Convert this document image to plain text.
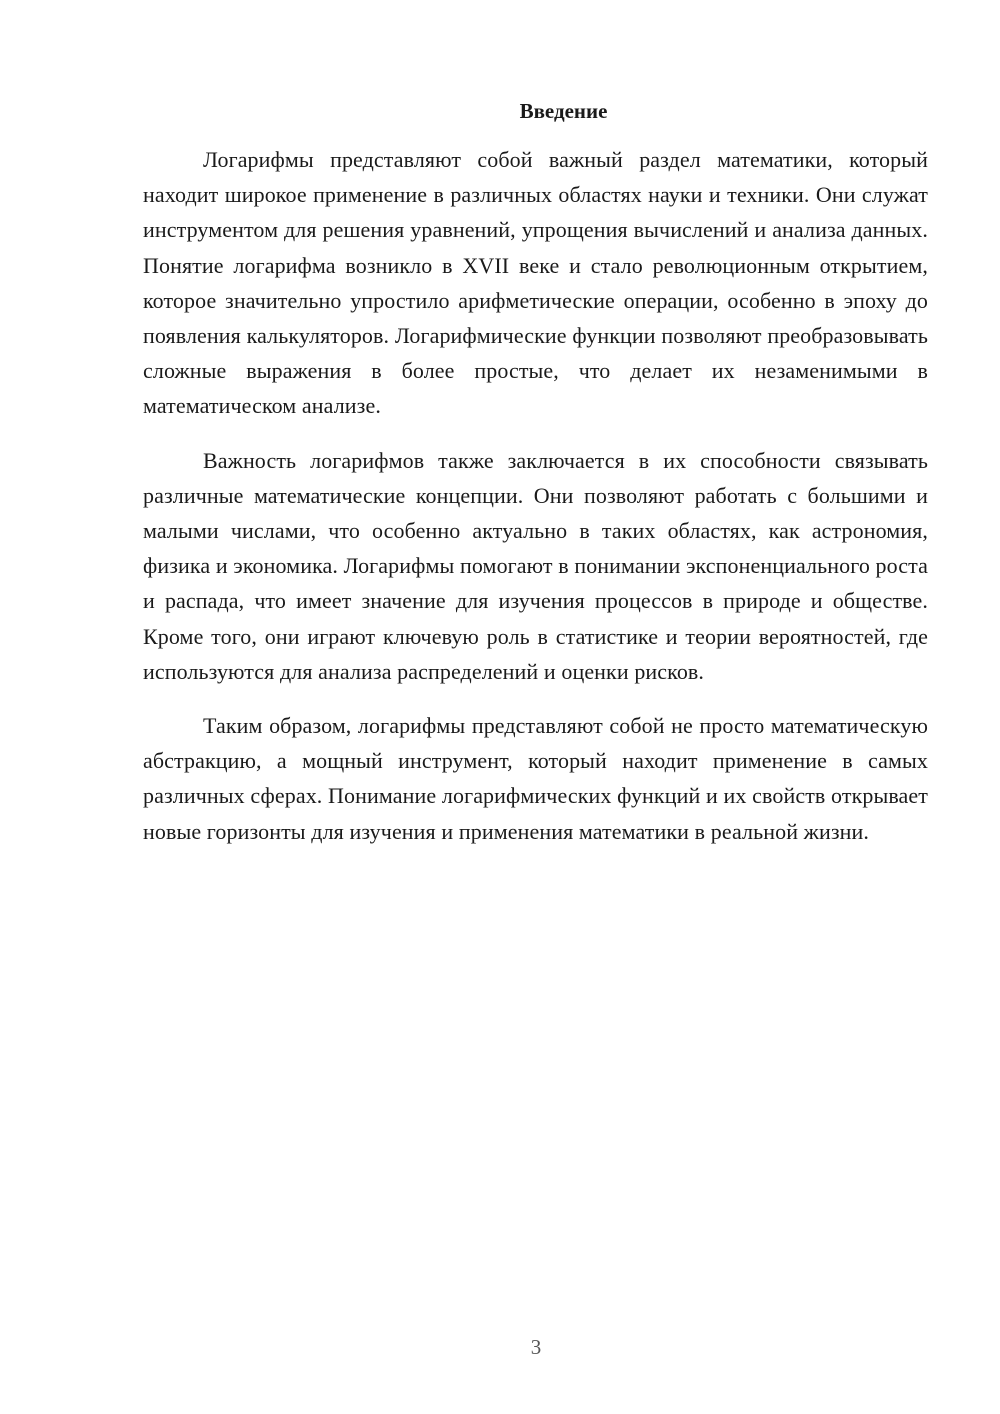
Введение

Логарифмы представляют собой важный раздел математики, который находит широкое применение в различных областях науки и техники. Они служат инструментом для решения уравнений, упрощения вычислений и анализа данных. Понятие логарифма возникло в XVII веке и стало революционным открытием, которое значительно упростило арифметические операции, особенно в эпоху до появления калькуляторов. Логарифмические функции позволяют преобразовывать сложные выражения в более простые, что делает их незаменимыми в математическом анализе.

Важность логарифмов также заключается в их способности связывать различные математические концепции. Они позволяют работать с большими и малыми числами, что особенно актуально в таких областях, как астрономия, физика и экономика. Логарифмы помогают в понимании экспоненциального роста и распада, что имеет значение для изучения процессов в природе и обществе. Кроме того, они играют ключевую роль в статистике и теории вероятностей, где используются для анализа распределений и оценки рисков.

Таким образом, логарифмы представляют собой не просто математическую абстракцию, а мощный инструмент, который находит применение в самых различных сферах. Понимание логарифмических функций и их свойств открывает новые горизонты для изучения и применения математики в реальной жизни.

3
